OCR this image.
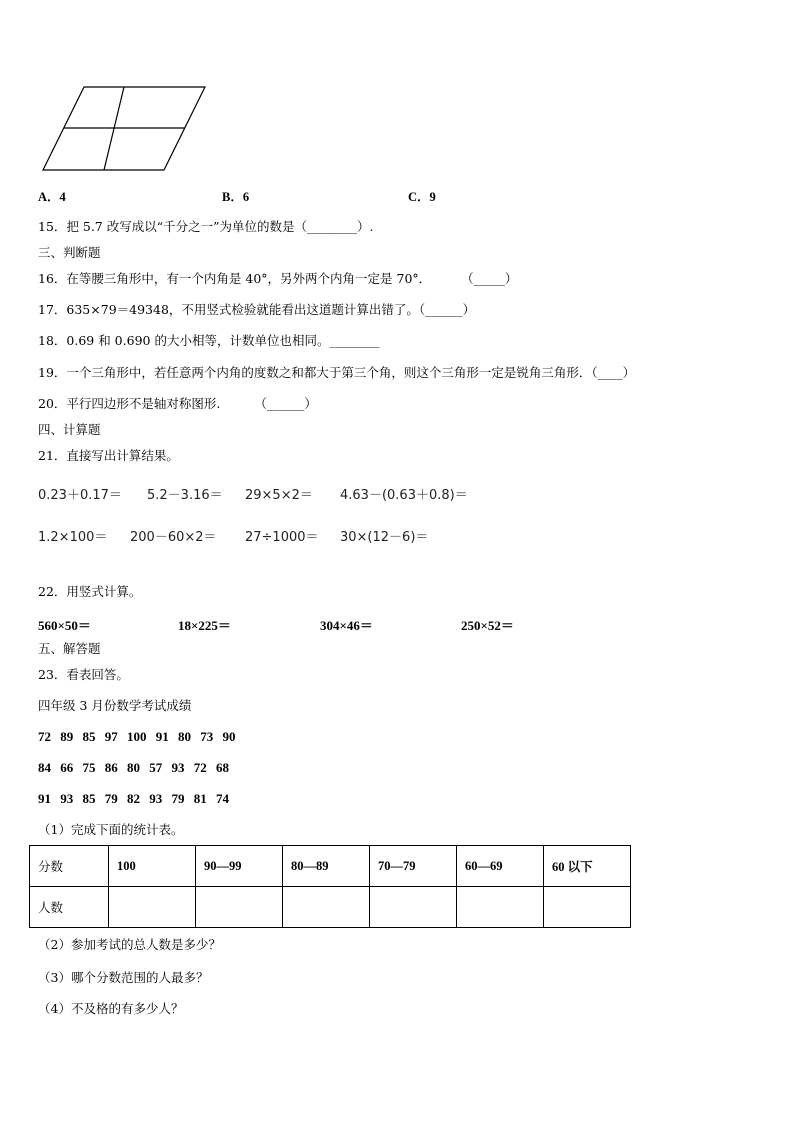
A．4	B．6	C．9
15．把 5.7 改写成以“千分之一”为单位的数是（________）.
三、判断题
16．在等腰三角形中，有一个内角是 40°，另外两个内角一定是 70°． （_____）
17．635×79＝49348，不用竖式检验就能看出这道题计算出错了。（______）
18．0.69 和 0.690 的大小相等，计数单位也相同。________
19．一个三角形中，若任意两个内角的度数之和都大于第三个角，则这个三角形一定是锐角三角形．（____）
20．平行四边形不是轴对称图形.	（______）
四、计算题
21．直接写出计算结果。
0.23＋0.17＝ 5.2－3.16＝ 29×5×2＝ 4.63－(0.63＋0.8)＝
1.2×100＝ 200－60×2＝ 27÷1000＝ 30×(12－6)＝
22．用竖式计算。
560×50＝	18×225＝	304×46＝	250×52＝
五、解答题
23．看表回答。
四年级 3 月份数学考试成绩
72 89 85 97 100 91 80 73 90
84 66 75 86 80 57 93 72 68
91 93 85 79 82 93 79 81 74
（1）完成下面的统计表。
分数	100	90—99	80—89	70—79	60—69	60 以下
人数						
（2）参加考试的总人数是多少？
（3）哪个分数范围的人最多？
（4）不及格的有多少人？
